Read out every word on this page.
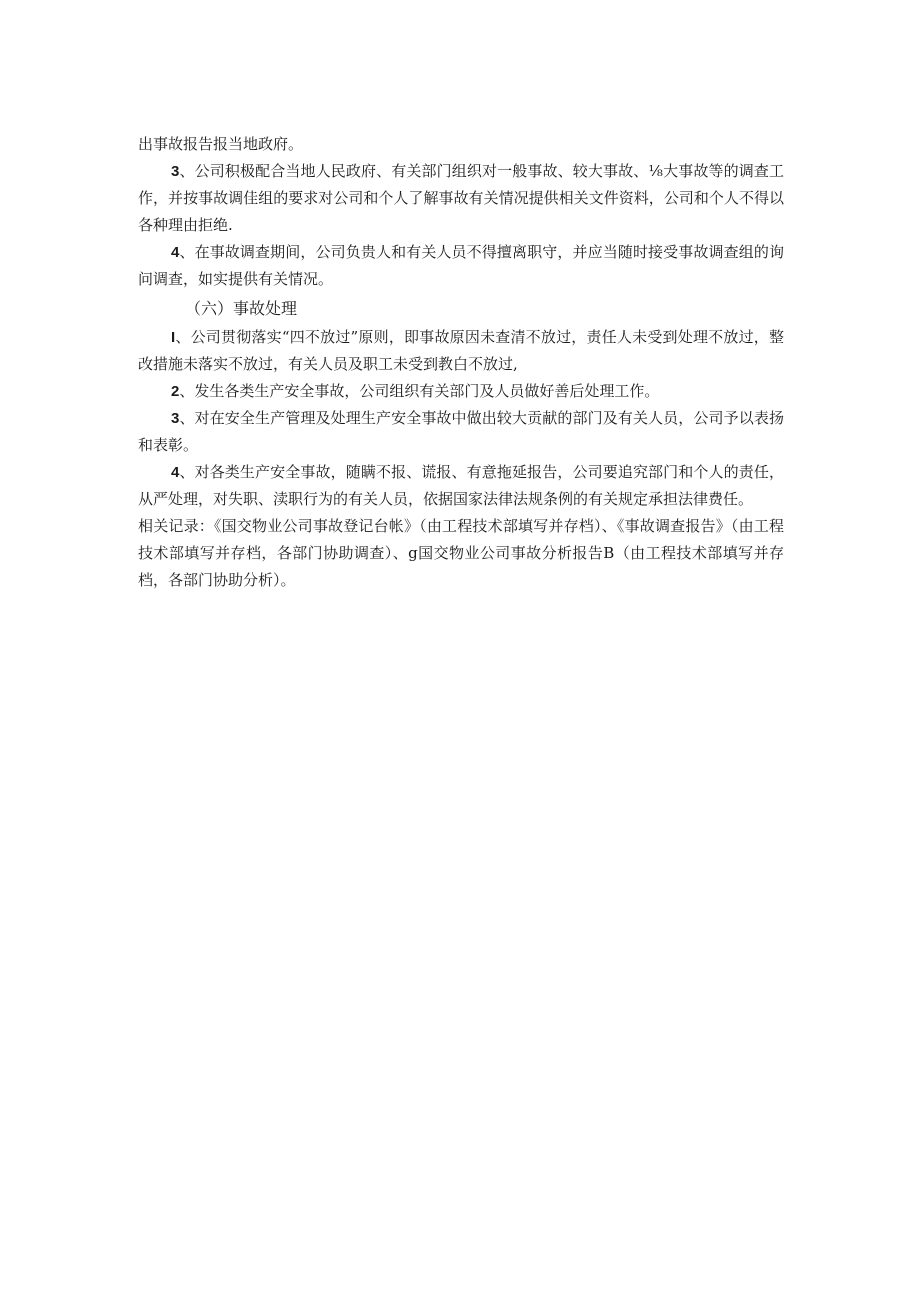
出事故报告报当地政府。

3、公司积极配合当地人民政府、有关部门组织对一般事故、较大事故、⅛大事故等的调查工作，并按事故调佳组的要求对公司和个人了解事故有关情况提供相关文件资料，公司和个人不得以各种理由拒绝.

4、在事故调查期间，公司负贵人和有关人员不得擅离职守，并应当随时接受事故调查组的询问调查，如实提供有关情况。

（六）事故处理

I、公司贯彻落实“四不放过”原则，即事故原因未查清不放过，责任人未受到处理不放过，整改措施未落实不放过，有关人员及职工未受到教白不放过,

2、发生各类生产安全事故，公司组织有关部门及人员做好善后处理工作。

3、对在安全生产管理及处理生产安全事故中做出较大贡献的部门及有关人员，公司予以表扬和表彰。

4、对各类生产安全事故，随瞒不报、谎报、有意拖延报告，公司要追究部门和个人的责任，从严处理，对失职、渎职行为的有关人员，依据国家法律法规条例的有关规定承担法律费任。

相关记录：《国交物业公司事故登记台帐》（由工程技术部填写并存档）、《事故调查报告》（由工程技术部填写并存档，各部门协助调查）、g国交物业公司事故分析报告B（由工程技术部填写并存档，各部门协助分析）。
